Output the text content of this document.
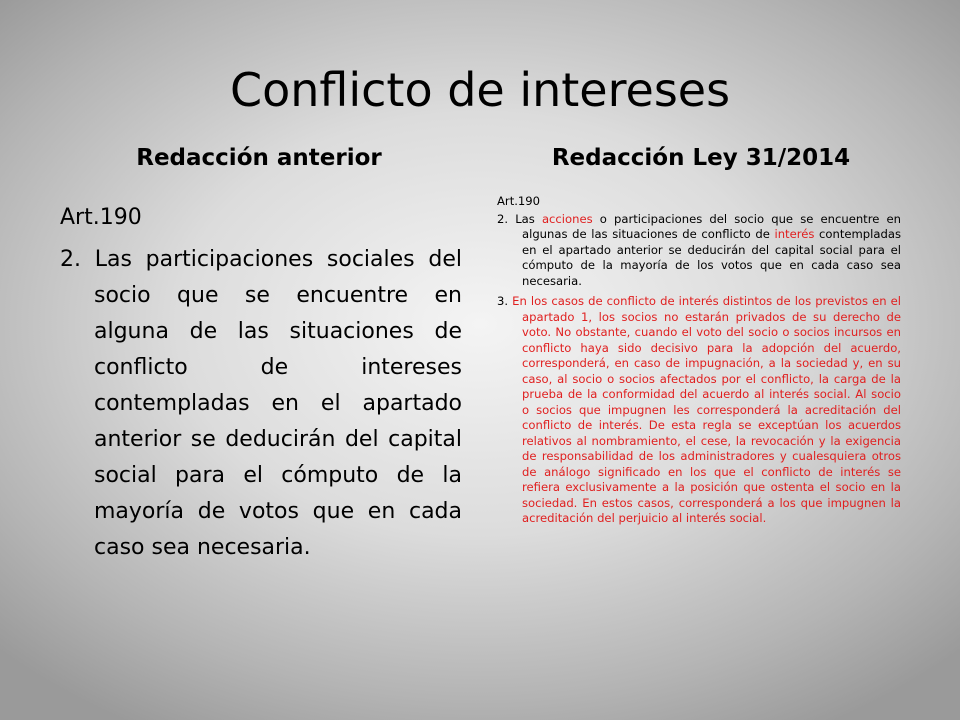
Conflicto de intereses
Redacción anterior	Redacción Ley 31/2014

Art.190

2. Las participaciones sociales del socio que se encuentre en alguna de las situaciones de conflicto de intereses contempladas en el apartado anterior se deducirán del capital social para el cómputo de la mayoría de votos que en cada caso sea necesaria.

Art.190

2. Las acciones o participaciones del socio que se encuentre en algunas de las situaciones de conflicto de interés contempladas en el apartado anterior se deducirán del capital social para el cómputo de la mayoría de los votos que en cada caso sea necesaria.

3. En los casos de conflicto de interés distintos de los previstos en el apartado 1, los socios no estarán privados de su derecho de voto. No obstante, cuando el voto del socio o socios incursos en conflicto haya sido decisivo para la adopción del acuerdo, corresponderá, en caso de impugnación, a la sociedad y, en su caso, al socio o socios afectados por el conflicto, la carga de la prueba de la conformidad del acuerdo al interés social. Al socio o socios que impugnen les corresponderá la acreditación del conflicto de interés. De esta regla se exceptúan los acuerdos relativos al nombramiento, el cese, la revocación y la exigencia de responsabilidad de los administradores y cualesquiera otros de análogo significado en los que el conflicto de interés se refiera exclusivamente a la posición que ostenta el socio en la sociedad. En estos casos, corresponderá a los que impugnen la acreditación del perjuicio al interés social.
